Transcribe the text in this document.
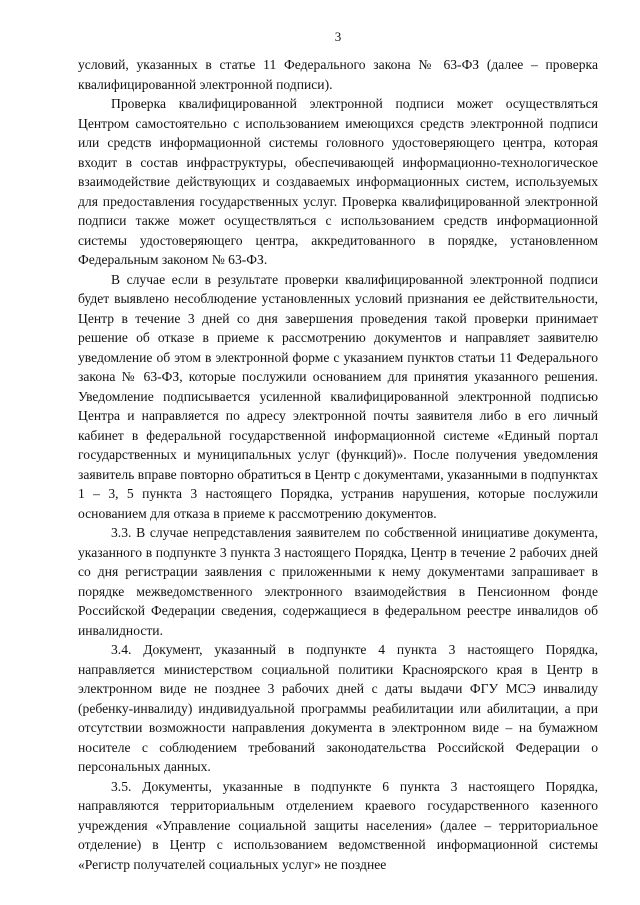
3

условий, указанных в статье 11 Федерального закона № 63-ФЗ (далее – проверка квалифицированной электронной подписи).

Проверка квалифицированной электронной подписи может осуществляться Центром самостоятельно с использованием имеющихся средств электронной подписи или средств информационной системы головного удостоверяющего центра, которая входит в состав инфраструктуры, обеспечивающей информационно-технологическое взаимодействие действующих и создаваемых информационных систем, используемых для предоставления государственных услуг. Проверка квалифицированной электронной подписи также может осуществляться с использованием средств информационной системы удостоверяющего центра, аккредитованного в порядке, установленном Федеральным законом № 63-ФЗ.

В случае если в результате проверки квалифицированной электронной подписи будет выявлено несоблюдение установленных условий признания ее действительности, Центр в течение 3 дней со дня завершения проведения такой проверки принимает решение об отказе в приеме к рассмотрению документов и направляет заявителю уведомление об этом в электронной форме с указанием пунктов статьи 11 Федерального закона № 63-ФЗ, которые послужили основанием для принятия указанного решения. Уведомление подписывается усиленной квалифицированной электронной подписью Центра и направляется по адресу электронной почты заявителя либо в его личный кабинет в федеральной государственной информационной системе «Единый портал государственных и муниципальных услуг (функций)». После получения уведомления заявитель вправе повторно обратиться в Центр с документами, указанными в подпунктах 1 – 3, 5 пункта 3 настоящего Порядка, устранив нарушения, которые послужили основанием для отказа в приеме к рассмотрению документов.

3.3. В случае непредставления заявителем по собственной инициативе документа, указанного в подпункте 3 пункта 3 настоящего Порядка, Центр в течение 2 рабочих дней со дня регистрации заявления с приложенными к нему документами запрашивает в порядке межведомственного электронного взаимодействия в Пенсионном фонде Российской Федерации сведения, содержащиеся в федеральном реестре инвалидов об инвалидности.

3.4. Документ, указанный в подпункте 4 пункта 3 настоящего Порядка, направляется министерством социальной политики Красноярского края в Центр в электронном виде не позднее 3 рабочих дней с даты выдачи ФГУ МСЭ инвалиду (ребенку-инвалиду) индивидуальной программы реабилитации или абилитации, а при отсутствии возможности направления документа в электронном виде – на бумажном носителе с соблюдением требований законодательства Российской Федерации о персональных данных.

3.5. Документы, указанные в подпункте 6 пункта 3 настоящего Порядка, направляются территориальным отделением краевого государственного казенного учреждения «Управление социальной защиты населения» (далее – территориальное отделение) в Центр с использованием ведомственной информационной системы «Регистр получателей социальных услуг» не позднее
